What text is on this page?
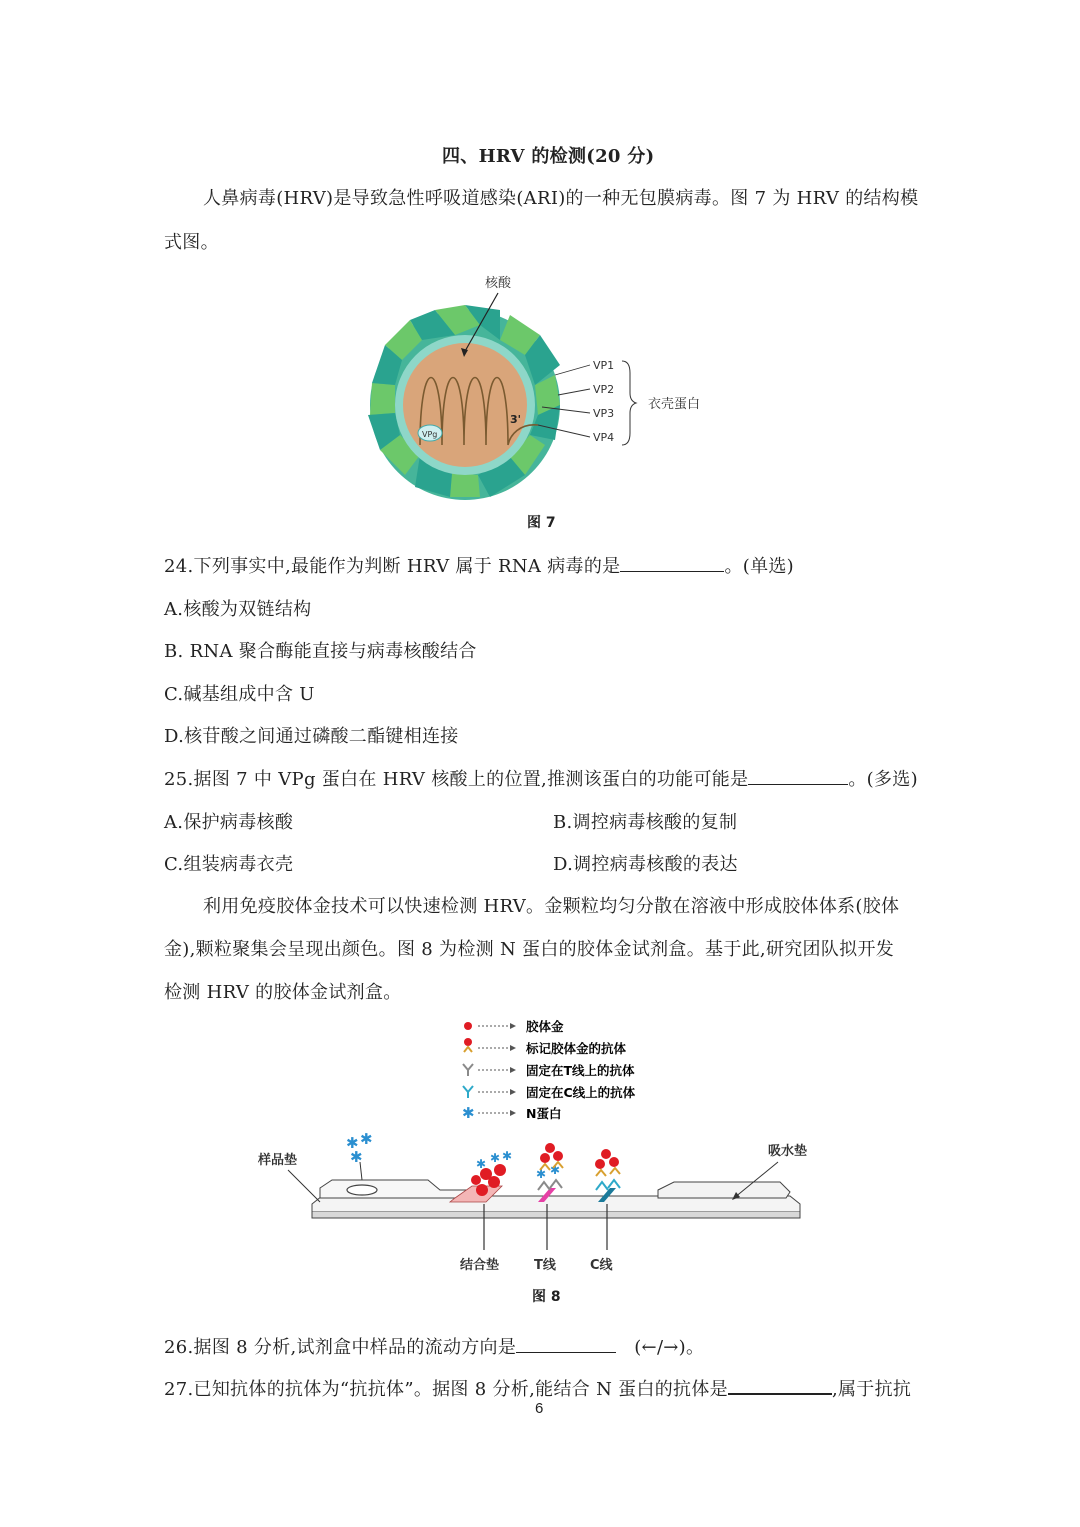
四、HRV 的检测(20 分)
人鼻病毒(HRV)是导致急性呼吸道感染(ARI)的一种无包膜病毒。图 7 为 HRV 的结构模
式图。
VPg
3'
核酸
VP1
VP2
VP3
VP4
衣壳蛋白
图 7
24.下列事实中,最能作为判断 HRV 属于 RNA 病毒的是	。(单选)
A.核酸为双链结构
B. RNA 聚合酶能直接与病毒核酸结合
C.碱基组成中含 U
D.核苷酸之间通过磷酸二酯键相连接
25.据图 7 中 VPg 蛋白在 HRV 核酸上的位置,推测该蛋白的功能可能是	。(多选)
A.保护病毒核酸	B.调控病毒核酸的复制
C.组装病毒衣壳	D.调控病毒核酸的表达
利用免疫胶体金技术可以快速检测 HRV。金颗粒均匀分散在溶液中形成胶体体系(胶体
金),颗粒聚集会呈现出颜色。图 8 为检测 N 蛋白的胶体金试剂盒。基于此,研究团队拟开发
检测 HRV 的胶体金试剂盒。
胶体金
标记胶体金的抗体
固定在T线上的抗体
固定在C线上的抗体
✱	N蛋白
✱ ✱
✱	✱ ✱ ✱
✱ ✱
样品垫
吸水垫
结合垫	T线	C线
图 8
26.据图 8 分析,试剂盒中样品的流动方向是	(←/→)。
27.已知抗体的抗体为“抗抗体”。据图 8 分析,能结合 N 蛋白的抗体是	,属于抗抗
6
